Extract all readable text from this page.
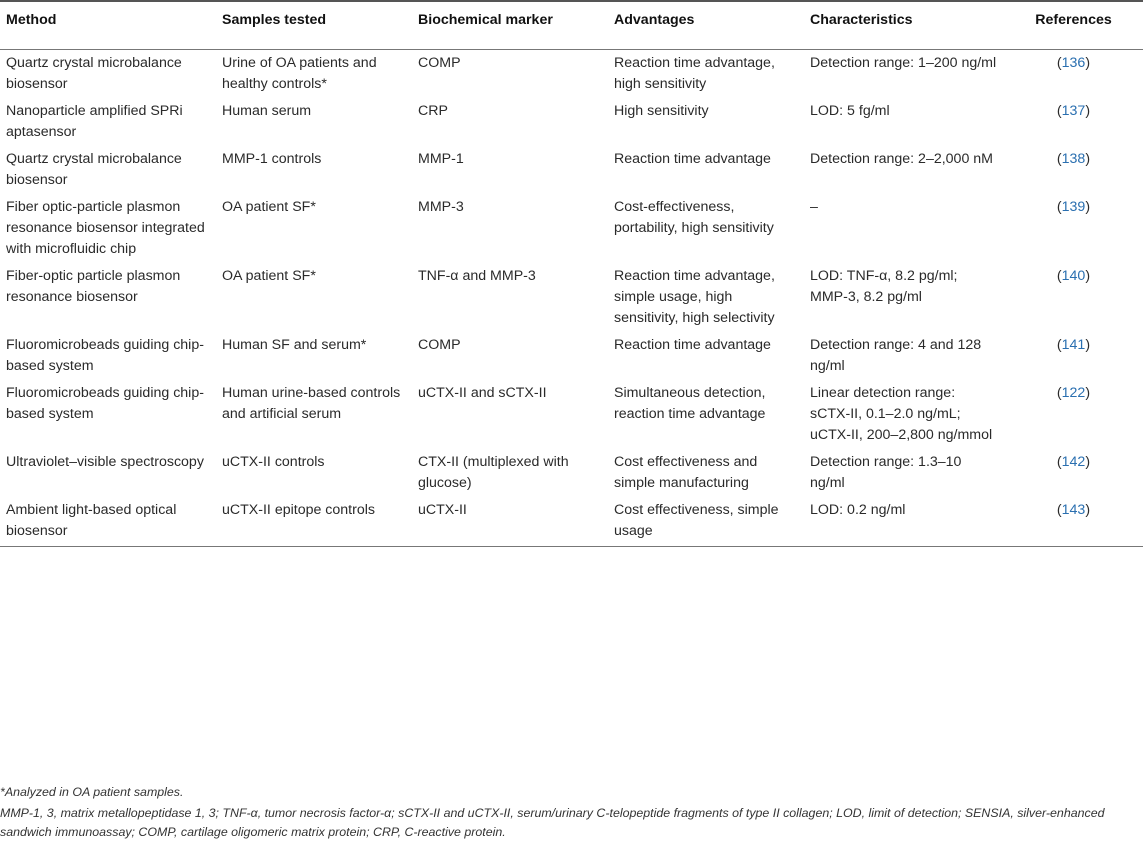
Method	Samples tested	Biochemical marker	Advantages	Characteristics	References
Quartz crystal microbalance biosensor	Urine of OA patients and healthy controls*	COMP	Reaction time advantage, high sensitivity	Detection range: 1–200 ng/ml	(136)
Nanoparticle amplified SPRi aptasensor	Human serum	CRP	High sensitivity	LOD: 5 fg/ml	(137)
Quartz crystal microbalance biosensor	MMP-1 controls	MMP-1	Reaction time advantage	Detection range: 2–2,000 nM	(138)
Fiber optic-particle plasmon resonance biosensor integrated with microfluidic chip	OA patient SF*	MMP-3	Cost-effectiveness, portability, high sensitivity	–	(139)
Fiber-optic particle plasmon resonance biosensor	OA patient SF*	TNF-α and MMP-3	Reaction time advantage, simple usage, high sensitivity, high selectivity	LOD: TNF-α, 8.2 pg/ml; MMP-3, 8.2 pg/ml	(140)
Fluoromicrobeads guiding chip-based system	Human SF and serum*	COMP	Reaction time advantage	Detection range: 4 and 128 ng/ml	(141)
Fluoromicrobeads guiding chip-based system	Human urine-based controls and artificial serum	uCTX-II and sCTX-II	Simultaneous detection, reaction time advantage	Linear detection range: sCTX-II, 0.1–2.0 ng/mL; uCTX-II, 200–2,800 ng/mmol	(122)
Ultraviolet–visible spectroscopy	uCTX-II controls	CTX-II (multiplexed with glucose)	Cost effectiveness and simple manufacturing	Detection range: 1.3–10 ng/ml	(142)
Ambient light-based optical biosensor	uCTX-II epitope controls	uCTX-II	Cost effectiveness, simple usage	LOD: 0.2 ng/ml	(143)
*Analyzed in OA patient samples.
MMP-1, 3, matrix metallopeptidase 1, 3; TNF-α, tumor necrosis factor-α; sCTX-II and uCTX-II, serum/urinary C-telopeptide fragments of type II collagen; LOD, limit of detection; SENSIA, silver-enhanced sandwich immunoassay; COMP, cartilage oligomeric matrix protein; CRP, C-reactive protein.
